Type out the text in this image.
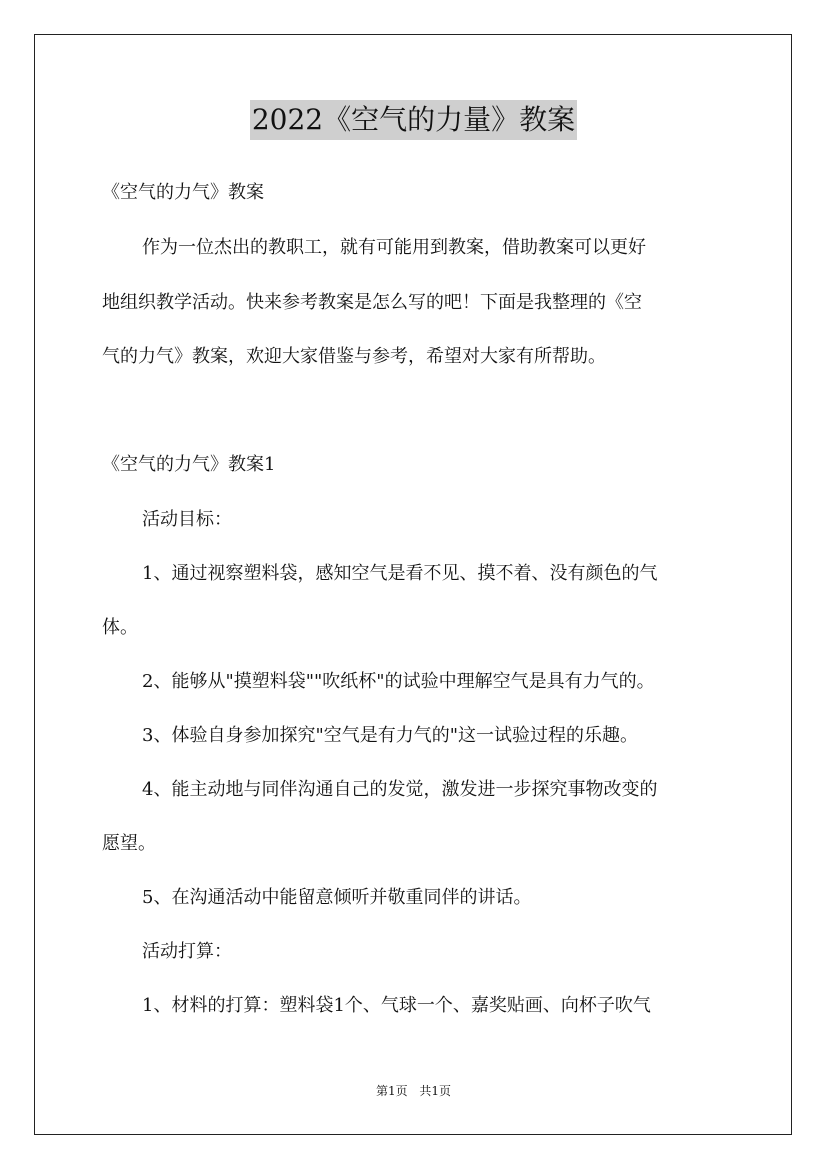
2022《空气的力量》教案
《空气的力气》教案
作为一位杰出的教职工，就有可能用到教案，借助教案可以更好
地组织教学活动。快来参考教案是怎么写的吧！下面是我整理的《空
气的力气》教案，欢迎大家借鉴与参考，希望对大家有所帮助。
《空气的力气》教案1
活动目标：
1、通过视察塑料袋，感知空气是看不见、摸不着、没有颜色的气
体。
2、能够从"摸塑料袋""吹纸杯"的试验中理解空气是具有力气的。
3、体验自身参加探究"空气是有力气的"这一试验过程的乐趣。
4、能主动地与同伴沟通自己的发觉，激发进一步探究事物改变的
愿望。
5、在沟通活动中能留意倾听并敬重同伴的讲话。
活动打算：
1、材料的打算：塑料袋1个、气球一个、嘉奖贴画、向杯子吹气
第1页 共1页
